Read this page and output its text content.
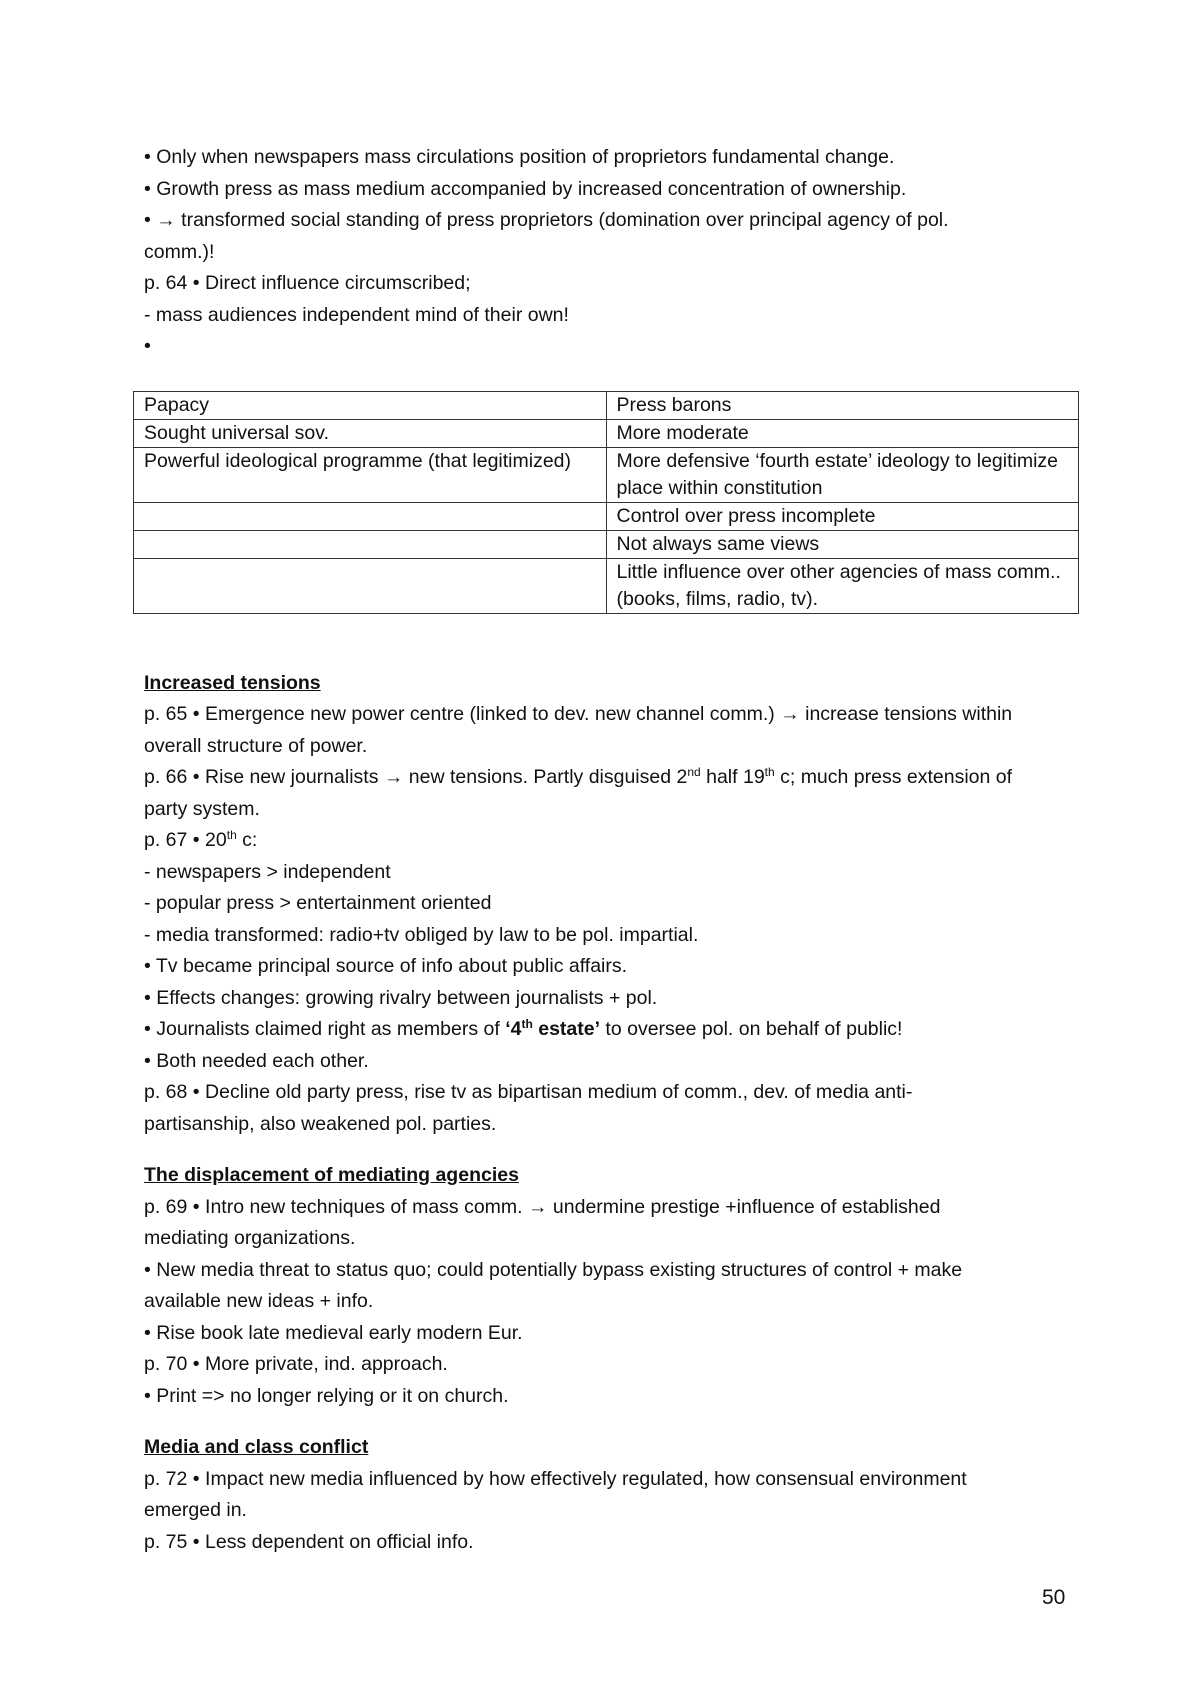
• Only when newspapers mass circulations position of proprietors fundamental change.
• Growth press as mass medium accompanied by increased concentration of ownership.
• → transformed social standing of press proprietors (domination over principal agency of pol.
comm.)!
p. 64 • Direct influence circumscribed;
- mass audiences independent mind of their own!
•
Papacy	Press barons
Sought universal sov.	More moderate
Powerful ideological programme (that legitimized)	More defensive ‘fourth estate’ ideology to legitimize place within constitution
	Control over press incomplete
	Not always same views
	Little influence over other agencies of mass comm.. (books, films, radio, tv).
Increased tensions
p. 65 • Emergence new power centre (linked to dev. new channel comm.) → increase tensions within
overall structure of power.
p. 66 • Rise new journalists → new tensions. Partly disguised 2nd half 19th c; much press extension of
party system.
p. 67 • 20th c:
- newspapers > independent
- popular press > entertainment oriented
- media transformed: radio+tv obliged by law to be pol. impartial.
• Tv became principal source of info about public affairs.
• Effects changes: growing rivalry between journalists + pol.
• Journalists claimed right as members of ‘4th estate’ to oversee pol. on behalf of public!
• Both needed each other.
p. 68 • Decline old party press, rise tv as bipartisan medium of comm., dev. of media anti-
partisanship, also weakened pol. parties.
The displacement of mediating agencies
p. 69 • Intro new techniques of mass comm. → undermine prestige +influence of established
mediating organizations.
• New media threat to status quo; could potentially bypass existing structures of control + make
available new ideas + info.
• Rise book late medieval early modern Eur.
p. 70 • More private, ind. approach.
• Print => no longer relying or it on church.
Media and class conflict
p. 72 • Impact new media influenced by how effectively regulated, how consensual environment
emerged in.
p. 75 • Less dependent on official info.
50
